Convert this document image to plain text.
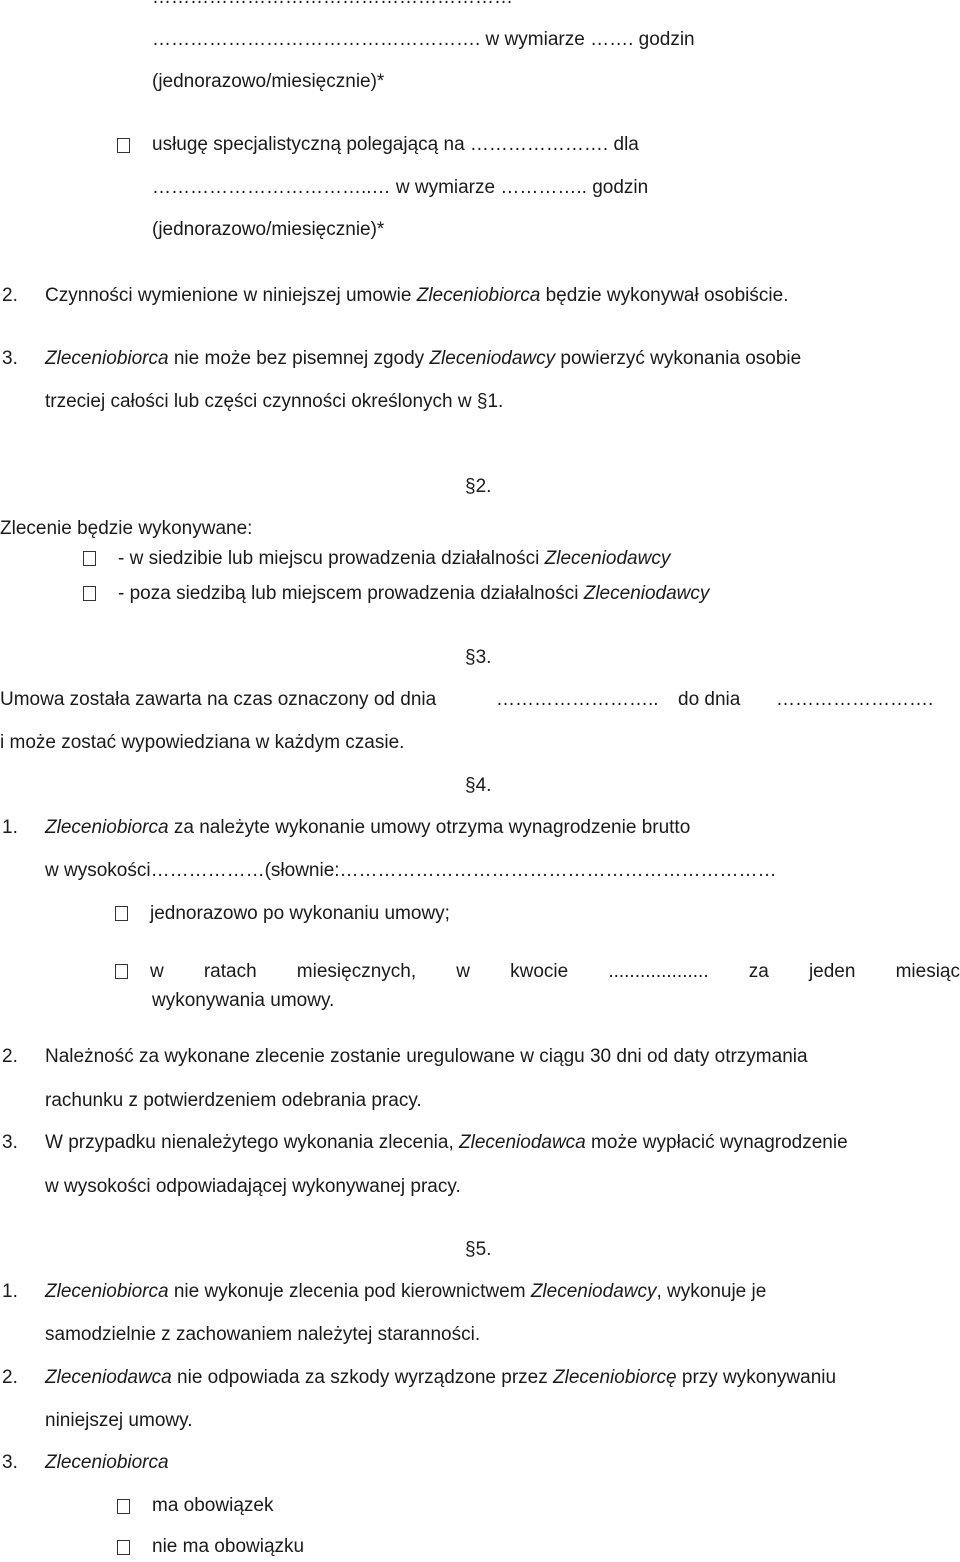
……………………………………………. w wymiarze ……. godzin
(jednorazowo/miesięcznie)*
usługę specjalistyczną polegającą na …………………. dla
……………………………..… w wymiarze ………….. godzin
(jednorazowo/miesięcznie)*
2. Czynności wymienione w niniejszej umowie Zleceniobiorca będzie wykonywał osobiście.
3. Zleceniobiorca nie może bez pisemnej zgody Zleceniodawcy powierzyć wykonania osobie
trzeciej całości lub części czynności określonych w §1.
§2.
Zlecenie będzie wykonywane:
- w siedzibie lub miejscu prowadzenia działalności Zleceniodawcy
- poza siedzibą lub miejscem prowadzenia działalności Zleceniodawcy
§3.
Umowa została zawarta na czas oznaczony od dnia	…………………….. do dnia …………………….
i może zostać wypowiedziana w każdym czasie.
§4.
1. Zleceniobiorca za należyte wykonanie umowy otrzyma wynagrodzenie brutto
w wysokości………………(słownie:……………………………………………………………
jednorazowo po wykonaniu umowy;
w ratach miesięcznych, w kwocie ................... za jeden miesiąc
wykonywania umowy.
2. Należność za wykonane zlecenie zostanie uregulowane w ciągu 30 dni od daty otrzymania
rachunku z potwierdzeniem odebrania pracy.
3. W przypadku nienależytego wykonania zlecenia, Zleceniodawca może wypłacić wynagrodzenie
w wysokości odpowiadającej wykonywanej pracy.
§5.
1. Zleceniobiorca nie wykonuje zlecenia pod kierownictwem Zleceniodawcy, wykonuje je
samodzielnie z zachowaniem należytej staranności.
2. Zleceniodawca nie odpowiada za szkody wyrządzone przez Zleceniobiorcę przy wykonywaniu
niniejszej umowy.
3. Zleceniobiorca
ma obowiązek
nie ma obowiązku
